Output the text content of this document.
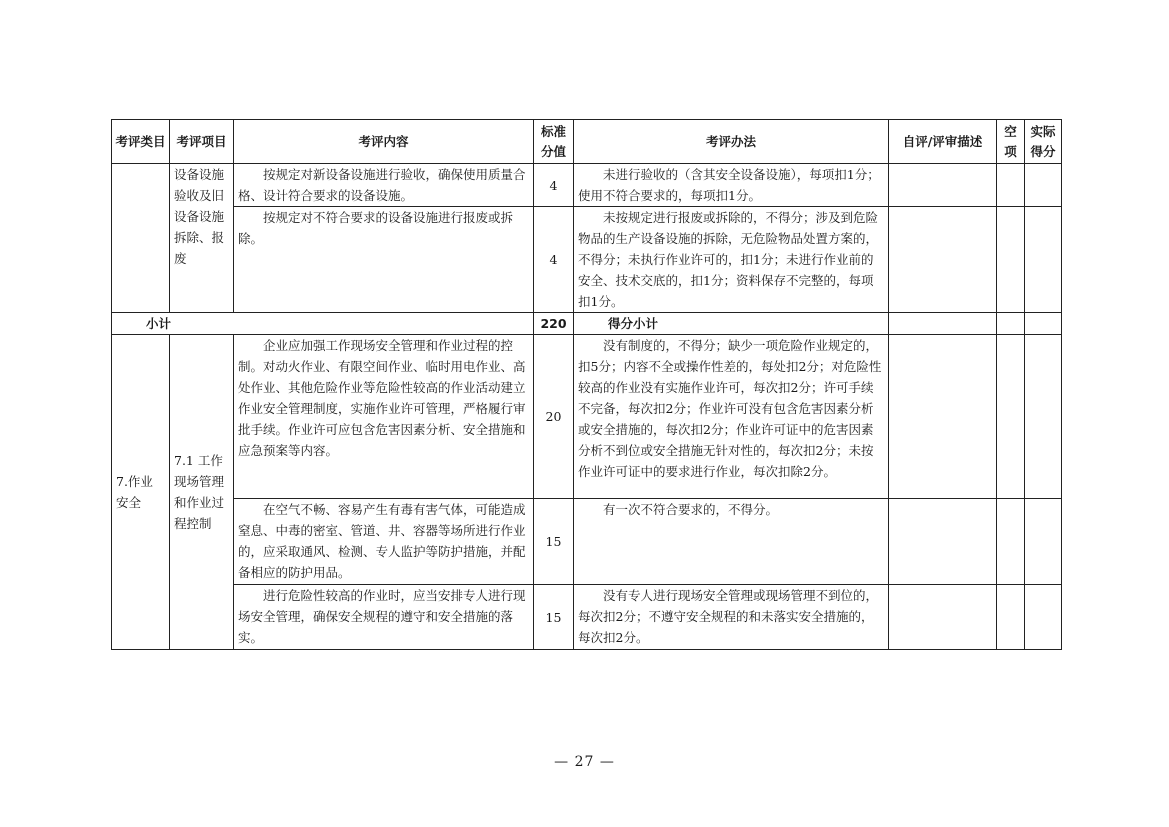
考评类目	考评项目	考评内容	标准分值	考评办法	自评/评审描述	空项	实际得分
	设备设施验收及旧设备设施拆除、报废	按规定对新设备设施进行验收，确保使用质量合格、设计符合要求的设备设施。	4	未进行验收的（含其安全设备设施），每项扣1分；使用不符合要求的，每项扣1分。			
		按规定对不符合要求的设备设施进行报废或拆除。	4	未按规定进行报废或拆除的，不得分；涉及到危险物品的生产设备设施的拆除，无危险物品处置方案的，不得分；未执行作业许可的，扣1分；未进行作业前的安全、技术交底的，扣1分；资料保存不完整的，每项扣1分。			
小计			220	得分小计			
7.作业安全	7.1 工作现场管理和作业过程控制	企业应加强工作现场安全管理和作业过程的控制。对动火作业、有限空间作业、临时用电作业、高处作业、其他危险作业等危险性较高的作业活动建立作业安全管理制度，实施作业许可管理，严格履行审批手续。作业许可应包含危害因素分析、安全措施和应急预案等内容。	20	没有制度的，不得分；缺少一项危险作业规定的，扣5分；内容不全或操作性差的，每处扣2分；对危险性较高的作业没有实施作业许可，每次扣2分；许可手续不完备，每次扣2分；作业许可没有包含危害因素分析或安全措施的，每次扣2分；作业许可证中的危害因素分析不到位或安全措施无针对性的，每次扣2分；未按作业许可证中的要求进行作业，每次扣除2分。			
		在空气不畅、容易产生有毒有害气体，可能造成窒息、中毒的密室、管道、井、容器等场所进行作业的，应采取通风、检测、专人监护等防护措施，并配备相应的防护用品。	15	有一次不符合要求的，不得分。			
		进行危险性较高的作业时，应当安排专人进行现场安全管理，确保安全规程的遵守和安全措施的落实。	15	没有专人进行现场安全管理或现场管理不到位的，每次扣2分；不遵守安全规程的和未落实安全措施的，每次扣2分。			
— 27 —
